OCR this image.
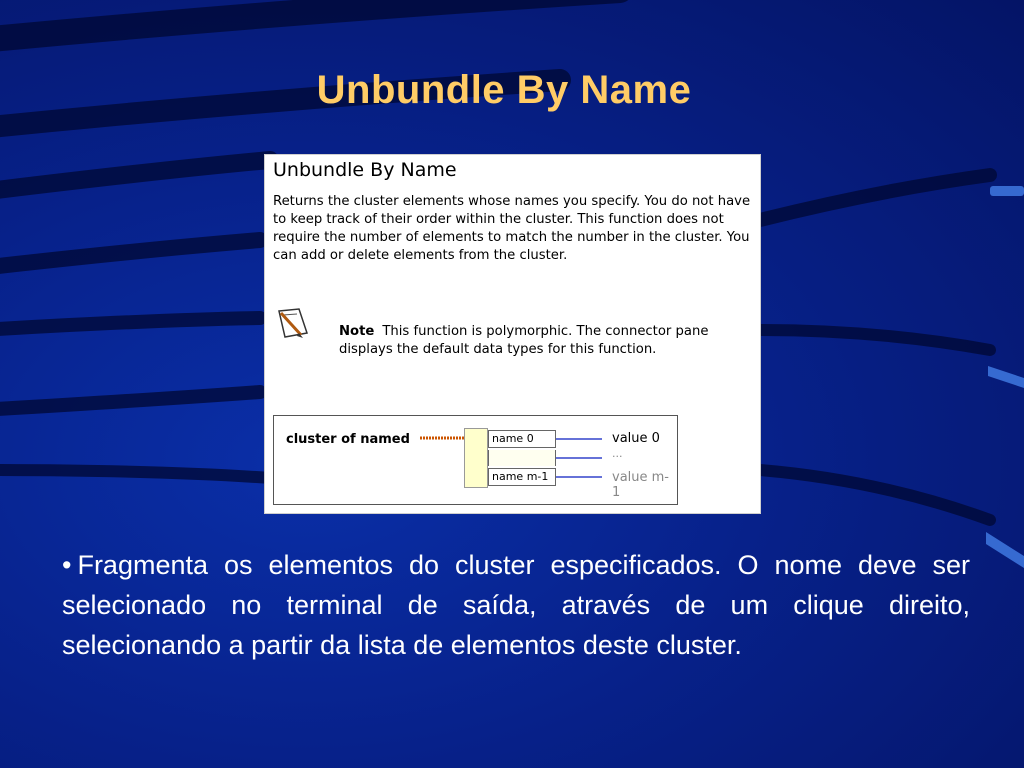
Unbundle By Name
Unbundle By Name

Returns the cluster elements whose names you specify. You do not have to keep track of their order within the cluster. This function does not require the number of elements to match the number in the cluster. You can add or delete elements from the cluster.

Note This function is polymorphic. The connector pane displays the default data types for this function.

cluster of named	name 0
name m-1
value 0
...
value m-1

• Fragmenta os elementos do cluster especificados. O nome deve ser selecionado no terminal de saída, através de um clique direito, selecionando a partir da lista de elementos deste cluster.
